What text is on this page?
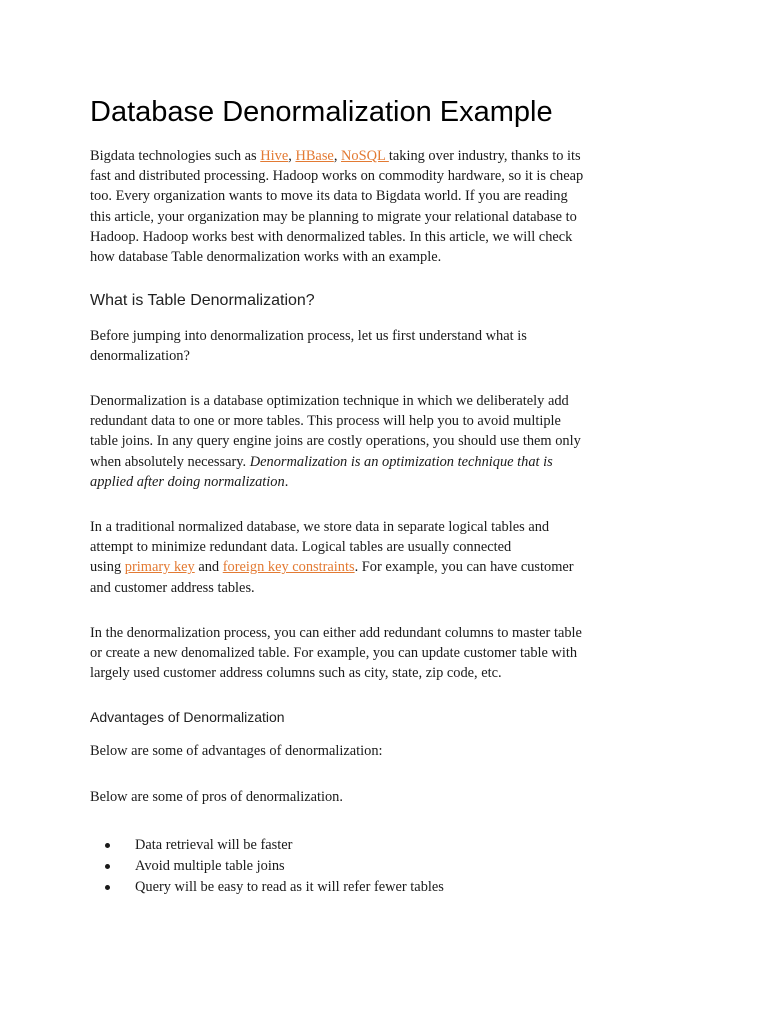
Database Denormalization Example

Bigdata technologies such as Hive, HBase, NoSQL taking over industry, thanks to its
fast and distributed processing. Hadoop works on commodity hardware, so it is cheap
too. Every organization wants to move its data to Bigdata world. If you are reading
this article, your organization may be planning to migrate your relational database to
Hadoop. Hadoop works best with denormalized tables. In this article, we will check
how database Table denormalization works with an example.

What is Table Denormalization?

Before jumping into denormalization process, let us first understand what is
denormalization?

Denormalization is a database optimization technique in which we deliberately add
redundant data to one or more tables. This process will help you to avoid multiple
table joins. In any query engine joins are costly operations, you should use them only
when absolutely necessary. Denormalization is an optimization technique that is
applied after doing normalization.

In a traditional normalized database, we store data in separate logical tables and
attempt to minimize redundant data. Logical tables are usually connected
using primary key and foreign key constraints. For example, you can have customer
and customer address tables.

In the denormalization process, you can either add redundant columns to master table
or create a new denomalized table. For example, you can update customer table with
largely used customer address columns such as city, state, zip code, etc.

Advantages of Denormalization

Below are some of advantages of denormalization:

Below are some of pros of denormalization.

Data retrieval will be faster
Avoid multiple table joins
Query will be easy to read as it will refer fewer tables
